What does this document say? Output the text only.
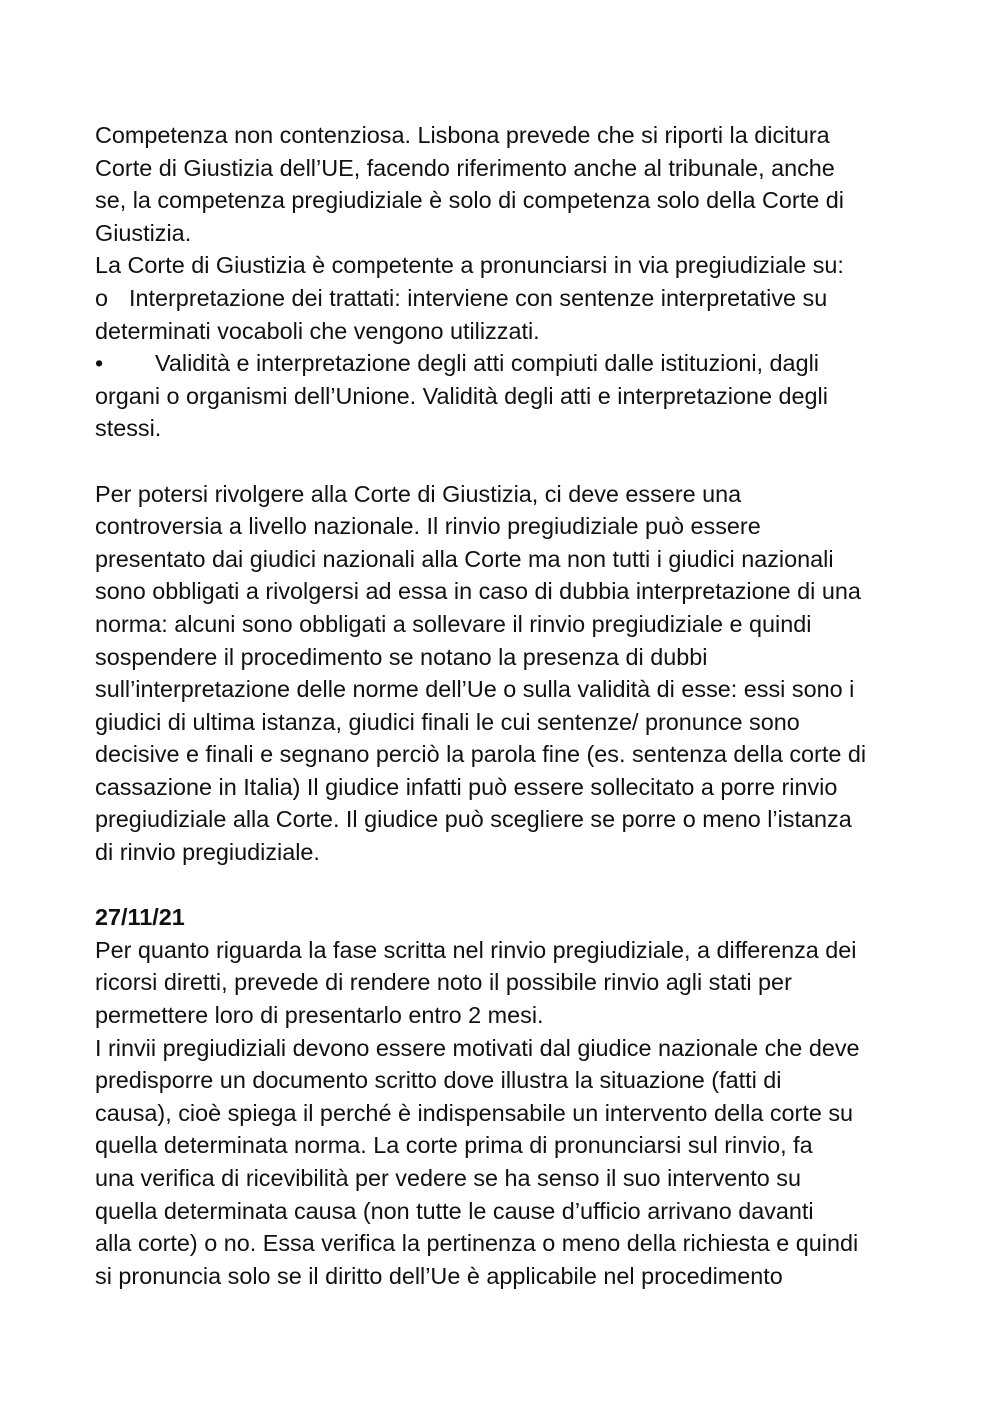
Competenza non contenziosa. Lisbona prevede che si riporti la dicitura
Corte di Giustizia dell’UE, facendo riferimento anche al tribunale, anche
se, la competenza pregiudiziale è solo di competenza solo della Corte di
Giustizia.
La Corte di Giustizia è competente a pronunciarsi in via pregiudiziale su:
o Interpretazione dei trattati: interviene con sentenze interpretative su
determinati vocaboli che vengono utilizzati.
• Validità e interpretazione degli atti compiuti dalle istituzioni, dagli
organi o organismi dell’Unione. Validità degli atti e interpretazione degli
stessi.
Per potersi rivolgere alla Corte di Giustizia, ci deve essere una
controversia a livello nazionale. Il rinvio pregiudiziale può essere
presentato dai giudici nazionali alla Corte ma non tutti i giudici nazionali
sono obbligati a rivolgersi ad essa in caso di dubbia interpretazione di una
norma: alcuni sono obbligati a sollevare il rinvio pregiudiziale e quindi
sospendere il procedimento se notano la presenza di dubbi
sull’interpretazione delle norme dell’Ue o sulla validità di esse: essi sono i
giudici di ultima istanza, giudici finali le cui sentenze/ pronunce sono
decisive e finali e segnano perciò la parola fine (es. sentenza della corte di
cassazione in Italia) Il giudice infatti può essere sollecitato a porre rinvio
pregiudiziale alla Corte. Il giudice può scegliere se porre o meno l’istanza
di rinvio pregiudiziale.
27/11/21
Per quanto riguarda la fase scritta nel rinvio pregiudiziale, a differenza dei
ricorsi diretti, prevede di rendere noto il possibile rinvio agli stati per
permettere loro di presentarlo entro 2 mesi.
I rinvii pregiudiziali devono essere motivati dal giudice nazionale che deve
predisporre un documento scritto dove illustra la situazione (fatti di
causa), cioè spiega il perché è indispensabile un intervento della corte su
quella determinata norma. La corte prima di pronunciarsi sul rinvio, fa
una verifica di ricevibilità per vedere se ha senso il suo intervento su
quella determinata causa (non tutte le cause d’ufficio arrivano davanti
alla corte) o no. Essa verifica la pertinenza o meno della richiesta e quindi
si pronuncia solo se il diritto dell’Ue è applicabile nel procedimento
